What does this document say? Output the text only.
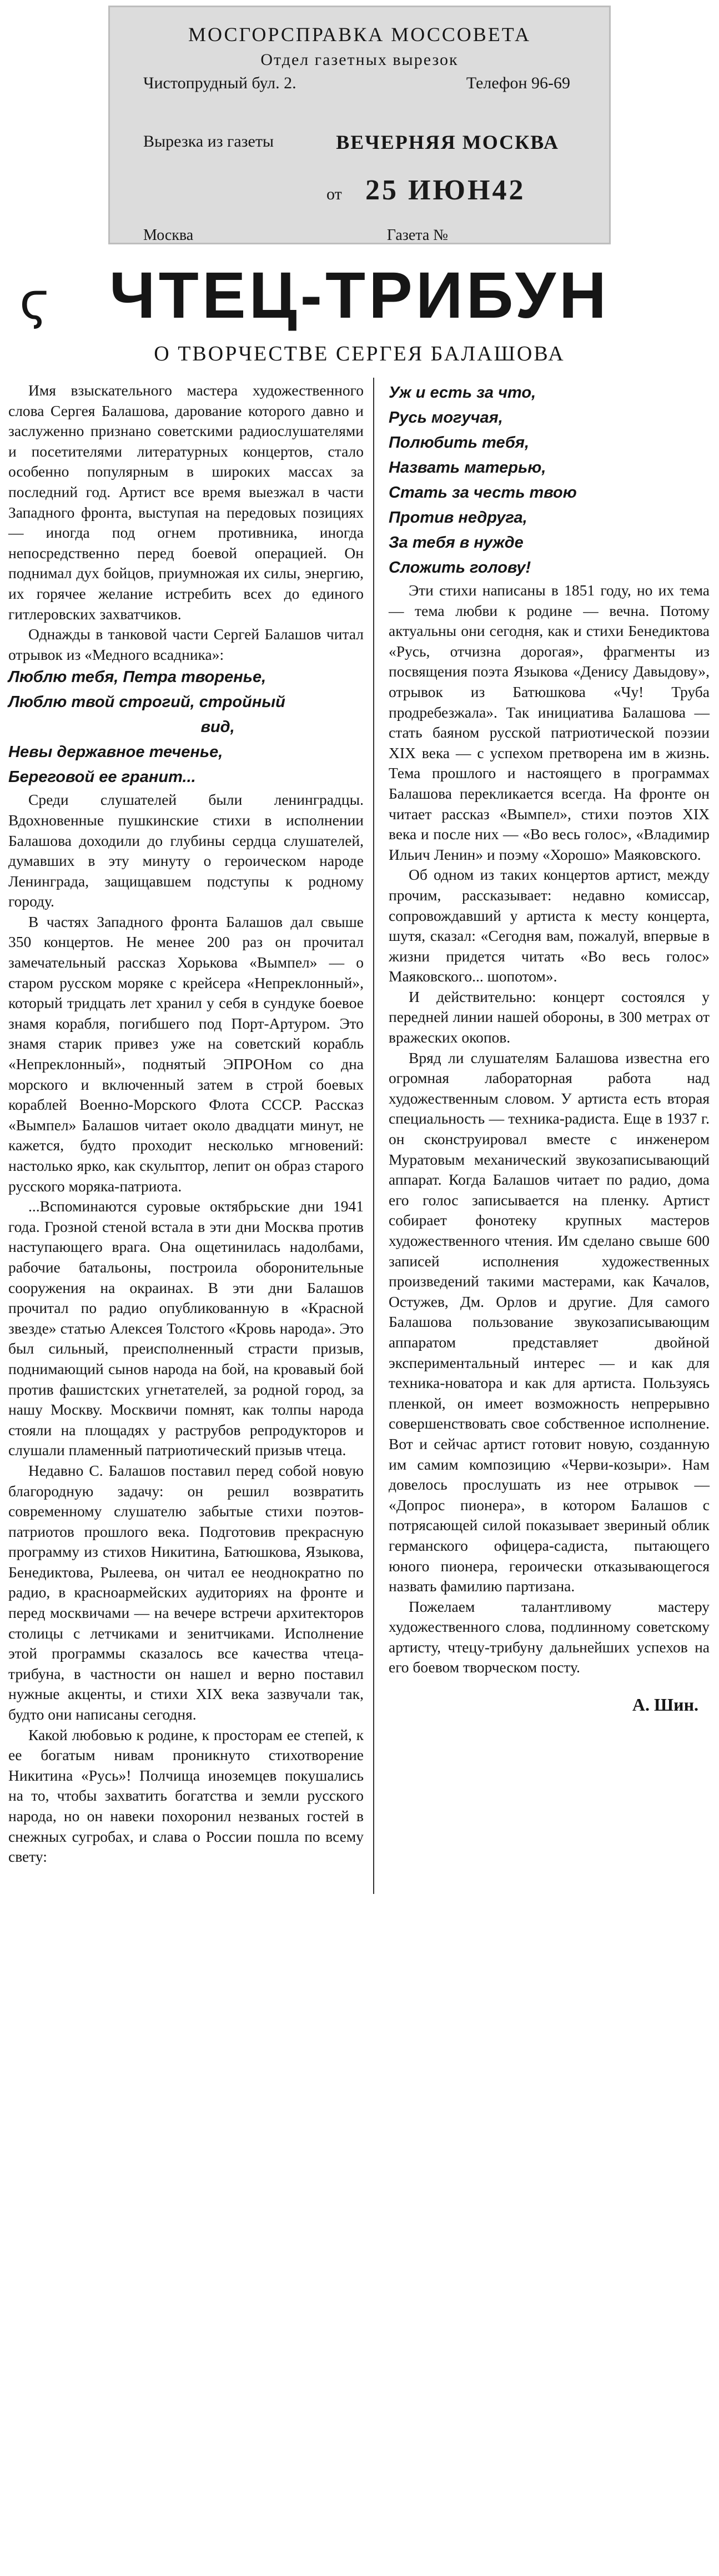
МОСГОРСПРАВКА МОССОВЕТА
Отдел газетных вырезок
Чистопрудный бул. 2.	Телефон 96-69
Вырезка из газеты	ВЕЧЕРНЯЯ МОСКВА
от 25 ИЮН42
Москва	Газета №
ϛ ЧТЕЦ-ТРИБУН
О ТВОРЧЕСТВЕ СЕРГЕЯ БАЛАШОВА

Имя взыскательного мастера художественного слова Сергея Балашова, дарование которого давно и заслуженно признано советскими радиослушателями и посетителями литературных концертов, стало особенно популярным в широких массах за последний год. Артист все время выезжал в части Западного фронта, выступая на передовых позициях — иногда под огнем противника, иногда непосредственно перед боевой операцией. Он поднимал дух бойцов, приумножая их силы, энергию, их горячее желание истребить всех до единого гитлеровских захватчиков.

Однажды в танковой части Сергей Балашов читал отрывок из «Медного всадника»:

Люблю тебя, Петра творенье,
Люблю твой строгий, стройный
вид,
Невы державное теченье,
Береговой ее гранит...

Среди слушателей были ленинградцы. Вдохновенные пушкинские стихи в исполнении Балашова доходили до глубины сердца слушателей, думавших в эту минуту о героическом народе Ленинграда, защищавшем подступы к родному городу.

В частях Западного фронта Балашов дал свыше 350 концертов. Не менее 200 раз он прочитал замечательный рассказ Хорькова «Вымпел» — о старом русском моряке с крейсера «Непреклонный», который тридцать лет хранил у себя в сундуке боевое знамя корабля, погибшего под Порт-Артуром. Это знамя старик привез уже на советский корабль «Непреклонный», поднятый ЭПРОНом со дна морского и включенный затем в строй боевых кораблей Военно-Морского Флота СССР. Рассказ «Вымпел» Балашов читает около двадцати минут, не кажется, будто проходит несколько мгновений: настолько ярко, как скульптор, лепит он образ старого русского моряка-патриота.

...Вспоминаются суровые октябрьские дни 1941 года. Грозной стеной встала в эти дни Москва против наступающего врага. Она ощетинилась надолбами, рабочие батальоны, построила оборонительные сооружения на окраинах. В эти дни Балашов прочитал по радио опубликованную в «Красной звезде» статью Алексея Толстого «Кровь народа». Это был сильный, преисполненный страсти призыв, поднимающий сынов народа на бой, на кровавый бой против фашистских угнетателей, за родной город, за нашу Москву. Москвичи помнят, как толпы народа стояли на площадях у раструбов репродукторов и слушали пламенный патриотический призыв чтеца.

Недавно С. Балашов поставил перед собой новую благородную задачу: он решил возвратить современному слушателю забытые стихи поэтов-патриотов прошлого века. Подготовив прекрасную программу из стихов Никитина, Батюшкова, Языкова, Бенедиктова, Рылеева, он читал ее неоднократно по радио, в красноармейских аудиториях на фронте и перед москвичами — на вечере встречи архитекторов столицы с летчиками и зенитчиками. Исполнение этой программы сказалось все качества чтеца-трибуна, в частности он нашел и верно поставил нужные акценты, и стихи XIX века зазвучали так, будто они написаны сегодня.

Какой любовью к родине, к просторам ее степей, к ее богатым нивам проникнуто стихотворение Никитина «Русь»! Полчища иноземцев покушались на то, чтобы захватить богатства и земли русского народа, но он навеки похоронил незваных гостей в снежных сугробах, и слава о России пошла по всему свету:

Уж и есть за что,
Русь могучая,
Полюбить тебя,
Назвать матерью,
Стать за честь твою
Против недруга,
За тебя в нужде
Сложить голову!

Эти стихи написаны в 1851 году, но их тема — тема любви к родине — вечна. Потому актуальны они сегодня, как и стихи Бенедиктова «Русь, отчизна дорогая», фрагменты из посвящения поэта Языкова «Денису Давыдову», отрывок из Батюшкова «Чу! Труба продребезжала». Так инициатива Балашова — стать баяном русской патриотической поэзии XIX века — с успехом претворена им в жизнь. Тема прошлого и настоящего в программах Балашова перекликается всегда. На фронте он читает рассказ «Вымпел», стихи поэтов XIX века и после них — «Во весь голос», «Владимир Ильич Ленин» и поэму «Хорошо» Маяковского.

Об одном из таких концертов артист, между прочим, рассказывает: недавно комиссар, сопровождавший у артиста к месту концерта, шутя, сказал: «Сегодня вам, пожалуй, впервые в жизни придется читать «Во весь голос» Маяковского... шопотом».

И действительно: концерт состоялся у передней линии нашей обороны, в 300 метрах от вражеских окопов.

Вряд ли слушателям Балашова известна его огромная лабораторная работа над художественным словом. У артиста есть вторая специальность — техника-радиста. Еще в 1937 г. он сконструировал вместе с инженером Муратовым механический звукозаписывающий аппарат. Когда Балашов читает по радио, дома его голос записывается на пленку. Артист собирает фонотеку крупных мастеров художественного чтения. Им сделано свыше 600 записей исполнения художественных произведений такими мастерами, как Качалов, Остужев, Дм. Орлов и другие. Для самого Балашова пользование звукозаписывающим аппаратом представляет двойной экспериментальный интерес — и как для техника-новатора и как для артиста. Пользуясь пленкой, он имеет возможность непрерывно совершенствовать свое собственное исполнение. Вот и сейчас артист готовит новую, созданную им самим композицию «Черви-козыри». Нам довелось прослушать из нее отрывок — «Допрос пионера», в котором Балашов с потрясающей силой показывает звериный облик германского офицера-садиста, пытающего юного пионера, героически отказывающегося назвать фамилию партизана.

Пожелаем талантливому мастеру художественного слова, подлинному советскому артисту, чтецу-трибуну дальнейших успехов на его боевом творческом посту.

А. Шин.
